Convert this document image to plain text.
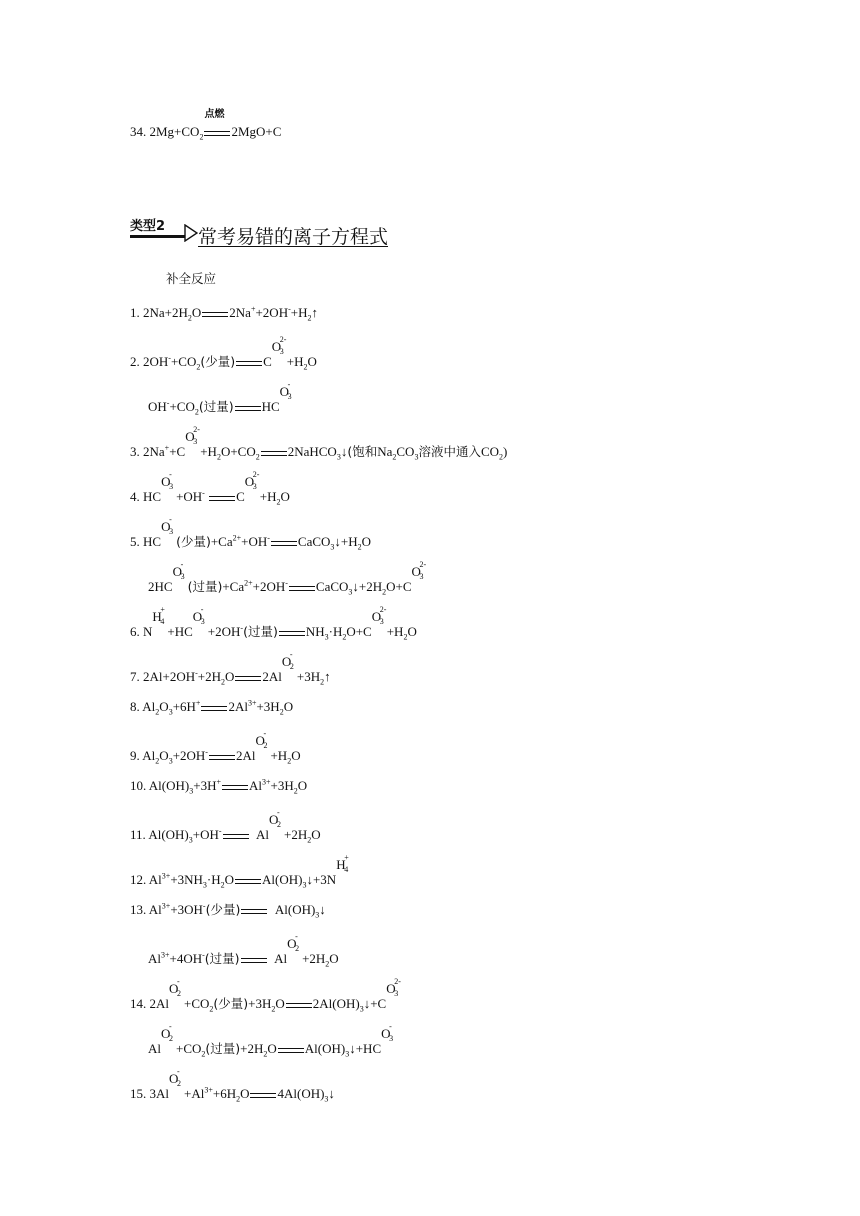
34. $2Mg+CO_2$
点燃
2MgO+C
类型2	常考易错的离子方程式
补全反应
1. $2Na+2H_2O$ $2Na^++2OH^-+H_2↑$
2. $2OH^-+CO_2$(少量) C
O
2-
3
$+H_2O$
$OH^-+CO_2$(过量) HC
O
-
3
3. 2Na++C
O
2-
3
$+H_2O+CO_2$ 2NaHCO$_3$↓(饱和$Na_2CO_3$溶液中通入$CO_2$)
4. HC
O
-
3
+OH- C
O
2-
3
$+H_2O$
5. HC
O
-
3
(少量)$+Ca^{2+}+OH^-$ $CaCO_3↓+H_2O$
2HC
O
-
3
(过量)$+Ca^{2+}+2OH^-$ $CaCO_3↓+2H_2O+C$
O
2-
3
6. N
H
+
4
+HC
O
-
3
+2OH-(过量) $NH_3\cdot H_2O+C$
O
2-
3
$+H_2O$
7. $2Al+2OH^-+2H_2O$ 2Al
O
-
2
$+3H_2↑$
8. $Al_2O_3+6H^+$ $2Al^{3+}+3H_2O$
9. $Al_2O_3+2OH^-$ 2Al
O
-
2
$+H_2O$
10. $Al(OH)_3+3H^+$ $Al^{3+}+3H_2O$
11. $Al(OH)_3+OH^-$  Al
O
-
2
$+2H_2O$
12. $Al^{3+}+3NH_3\cdot H_2O$ $Al(OH)_3↓+3N$
H
+
4
13. $Al^{3+}+3OH^-$(少量)  $Al(OH)_3↓$
$Al^{3+}+4OH^-$(过量)  Al
O
-
2
$+2H_2O$
14. 2Al
O
-
2
$+CO_2$(少量)$+3H_2O$ $2Al(OH)_3↓+C$
O
2-
3
Al
O
-
2
$+CO_2$(过量)$+2H_2O$ $Al(OH)_3↓+HC$
O
-
3
15. 3Al
O
-
2
$+Al^{3+}+6H_2O$ $4Al(OH)_3↓$
